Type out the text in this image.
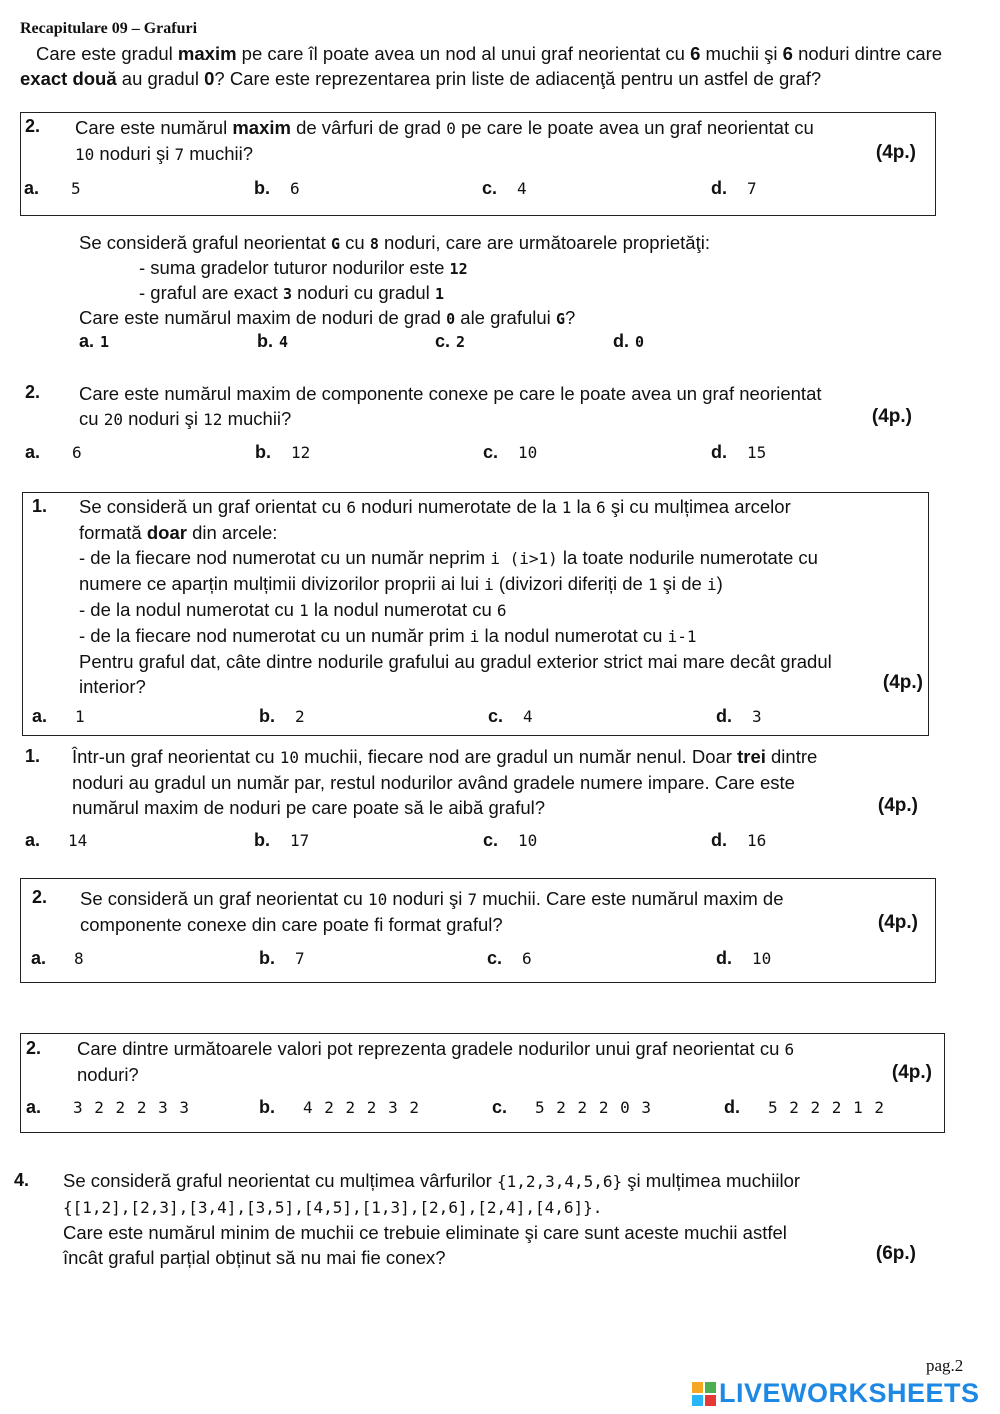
Recapitulare 09 – Grafuri
Care este gradul maxim pe care îl poate avea un nod al unui graf neorientat cu 6 muchii şi 6 noduri dintre care exact două au gradul 0? Care este reprezentarea prin liste de adiacenţă pentru un astfel de graf?
2. Care este numărul maxim de vârfuri de grad 0 pe care le poate avea un graf neorientat cu
10 noduri şi 7 muchii?	(4p.)
a. 5	b. 6	c. 4	d. 7
Se consideră graful neorientat G cu 8 noduri, care are următoarele proprietăţi:
- suma gradelor tuturor nodurilor este 12
- graful are exact 3 noduri cu gradul 1
Care este numărul maxim de noduri de grad 0 ale grafului G?
a. 1	b. 4	c. 2	d. 0
2. Care este numărul maxim de componente conexe pe care le poate avea un graf neorientat
cu 20 noduri şi 12 muchii?	(4p.)
a. 6	b. 12	c. 10	d. 15
1. Se consideră un graf orientat cu 6 noduri numerotate de la 1 la 6 şi cu mulțimea arcelor
formată doar din arcele:
- de la fiecare nod numerotat cu un număr neprim i (i>1) la toate nodurile numerotate cu
numere ce aparțin mulțimii divizorilor proprii ai lui i (divizori diferiți de 1 şi de i)
- de la nodul numerotat cu 1 la nodul numerotat cu 6
- de la fiecare nod numerotat cu un număr prim i la nodul numerotat cu i-1
Pentru graful dat, câte dintre nodurile grafului au gradul exterior strict mai mare decât gradul
interior?	(4p.)
a. 1	b. 2	c. 4	d. 3
1. Într-un graf neorientat cu 10 muchii, fiecare nod are gradul un număr nenul. Doar trei dintre
noduri au gradul un număr par, restul nodurilor având gradele numere impare. Care este
numărul maxim de noduri pe care poate să le aibă graful?	(4p.)
a. 14	b. 17	c. 10	d. 16
2. Se consideră un graf neorientat cu 10 noduri şi 7 muchii. Care este numărul maxim de
componente conexe din care poate fi format graful?	(4p.)
a. 8	b. 7	c. 6	d. 10
2. Care dintre următoarele valori pot reprezenta gradele nodurilor unui graf neorientat cu 6
noduri?	(4p.)
a. 3 2 2 2 3 3	b. 4 2 2 2 3 2	c. 5 2 2 2 0 3	d. 5 2 2 2 1 2
4. Se consideră graful neorientat cu mulțimea vârfurilor {1,2,3,4,5,6} şi mulțimea muchiilor
{[1,2],[2,3],[3,4],[3,5],[4,5],[1,3],[2,6],[2,4],[4,6]}.
Care este numărul minim de muchii ce trebuie eliminate şi care sunt aceste muchii astfel
încât graful parțial obținut să nu mai fie conex?	(6p.)
pag.2
LIVEWORKSHEETS
